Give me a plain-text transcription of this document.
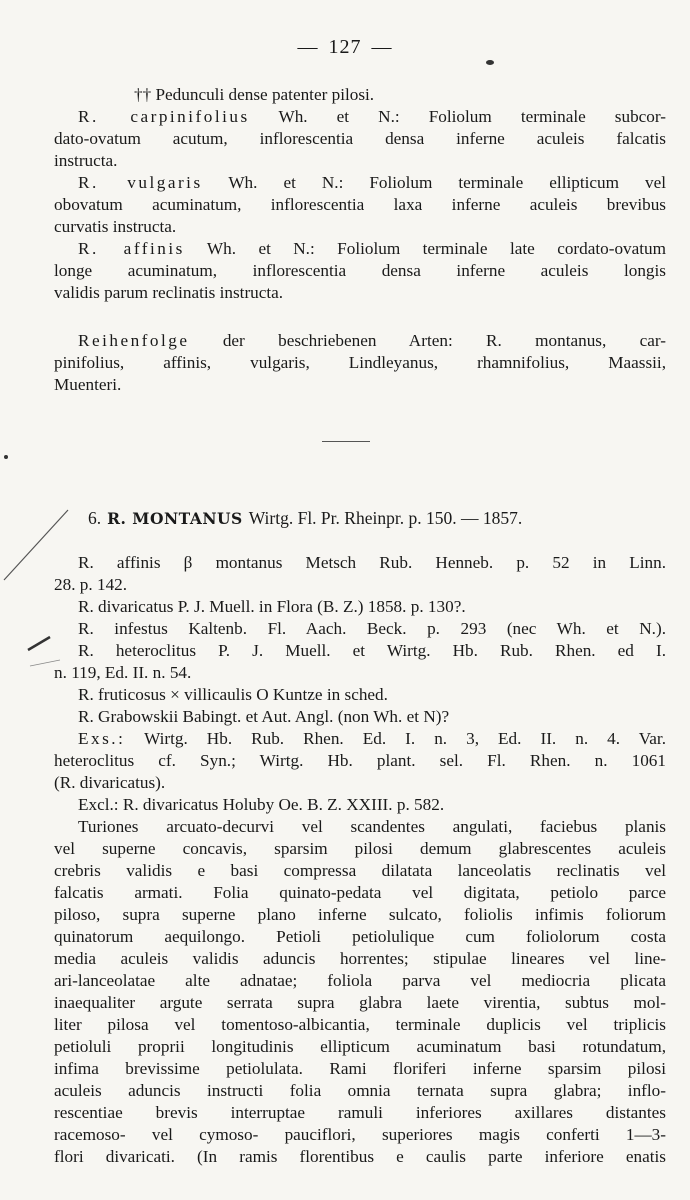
— 127 —
†† Pedunculi dense patenter pilosi.
R. carpinifolius Wh. et N.: Foliolum terminale subcor-
dato-ovatum acutum, inflorescentia densa inferne aculeis falcatis
instructa.
R. vulgaris Wh. et N.: Foliolum terminale ellipticum vel
obovatum acuminatum, inflorescentia laxa inferne aculeis brevibus
curvatis instructa.
R. affinis Wh. et N.: Foliolum terminale late cordato-ovatum
longe acuminatum, inflorescentia densa inferne aculeis longis
validis parum reclinatis instructa.
Reihenfolge der beschriebenen Arten: R. montanus, car-
pinifolius, affinis, vulgaris, Lindleyanus, rhamnifolius, Maassii,
Muenteri.
6. R. MONTANUS Wirtg. Fl. Pr. Rheinpr. p. 150. — 1857.
R. affinis β montanus Metsch Rub. Henneb. p. 52 in Linn.
28. p. 142.
R. divaricatus P. J. Muell. in Flora (B. Z.) 1858. p. 130?.
R. infestus Kaltenb. Fl. Aach. Beck. p. 293 (nec Wh. et N.).
R. heteroclitus P. J. Muell. et Wirtg. Hb. Rub. Rhen. ed I.
n. 119, Ed. II. n. 54.
R. fruticosus × villicaulis O Kuntze in sched.
R. Grabowskii Babingt. et Aut. Angl. (non Wh. et N)?
Exs.: Wirtg. Hb. Rub. Rhen. Ed. I. n. 3, Ed. II. n. 4. Var.
heteroclitus cf. Syn.; Wirtg. Hb. plant. sel. Fl. Rhen. n. 1061
(R. divaricatus).
Excl.: R. divaricatus Holuby Oe. B. Z. XXIII. p. 582.
Turiones arcuato-decurvi vel scandentes angulati, faciebus planis
vel superne concavis, sparsim pilosi demum glabrescentes aculeis
crebris validis e basi compressa dilatata lanceolatis reclinatis vel
falcatis armati. Folia quinato-pedata vel digitata, petiolo parce
piloso, supra superne plano inferne sulcato, foliolis infimis foliorum
quinatorum aequilongo. Petioli petiolulique cum foliolorum costa
media aculeis validis aduncis horrentes; stipulae lineares vel line-
ari-lanceolatae alte adnatae; foliola parva vel mediocria plicata
inaequaliter argute serrata supra glabra laete virentia, subtus mol-
liter pilosa vel tomentoso-albicantia, terminale duplicis vel triplicis
petioluli proprii longitudinis ellipticum acuminatum basi rotundatum,
infima brevissime petiolulata. Rami floriferi inferne sparsim pilosi
aculeis aduncis instructi folia omnia ternata supra glabra; inflo-
rescentiae brevis interruptae ramuli inferiores axillares distantes
racemoso- vel cymoso- pauciflori, superiores magis conferti 1—3-
flori divaricati. (In ramis florentibus e caulis parte inferiore enatis
